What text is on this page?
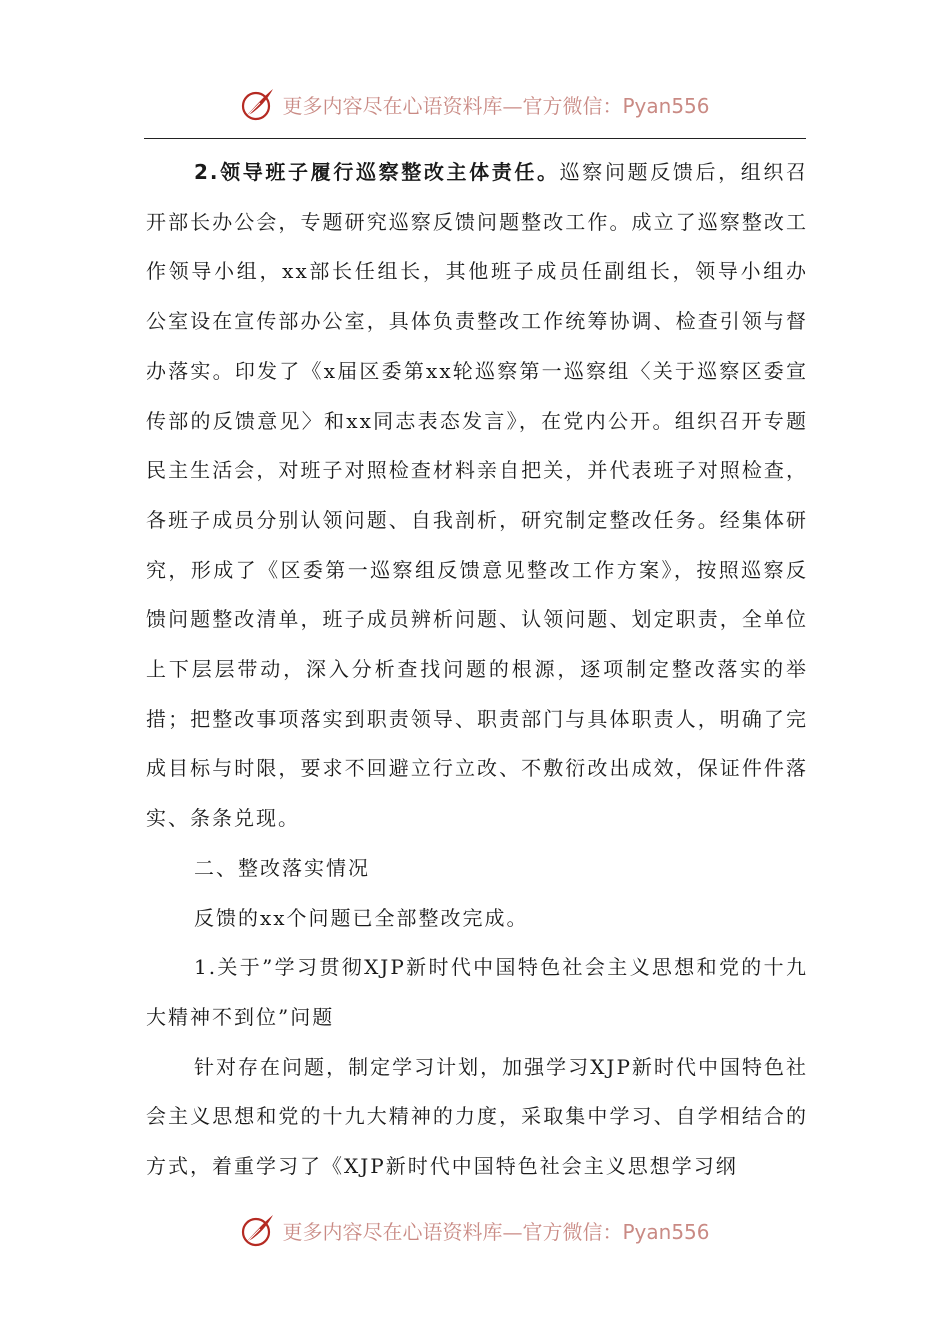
更多内容尽在心语资料库—官方微信：Pyan556

2.领导班子履行巡察整改主体责任。巡察问题反馈后，组织召开部长办公会，专题研究巡察反馈问题整改工作。成立了巡察整改工作领导小组，xx部长任组长，其他班子成员任副组长，领导小组办公室设在宣传部办公室，具体负责整改工作统筹协调、检查引领与督办落实。印发了《x届区委第xx轮巡察第一巡察组〈关于巡察区委宣传部的反馈意见〉和xx同志表态发言》，在党内公开。组织召开专题民主生活会，对班子对照检查材料亲自把关，并代表班子对照检查，各班子成员分别认领问题、自我剖析，研究制定整改任务。经集体研究，形成了《区委第一巡察组反馈意见整改工作方案》，按照巡察反馈问题整改清单，班子成员辨析问题、认领问题、划定职责，全单位上下层层带动，深入分析查找问题的根源，逐项制定整改落实的举措；把整改事项落实到职责领导、职责部门与具体职责人，明确了完成目标与时限，要求不回避立行立改、不敷衍改出成效，保证件件落实、条条兑现。

二、整改落实情况

反馈的xx个问题已全部整改完成。

1.关于”学习贯彻XJP新时代中国特色社会主义思想和党的十九大精神不到位”问题

针对存在问题，制定学习计划，加强学习XJP新时代中国特色社会主义思想和党的十九大精神的力度，采取集中学习、自学相结合的方式，着重学习了《XJP新时代中国特色社会主义思想学习纲

更多内容尽在心语资料库—官方微信：Pyan556
